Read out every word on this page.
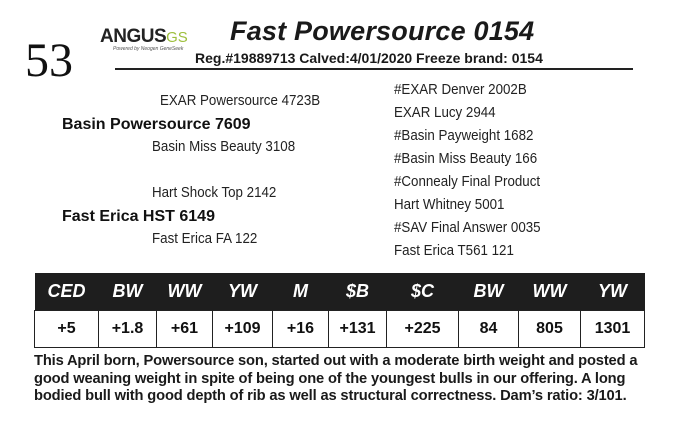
53 ANGUSGS
Powered by Neogen GeneSeek
Fast Powersource 0154
Reg.#19889713 Calved:4/01/2020 Freeze brand: 0154
EXAR Powersource 4723B
Basin Powersource 7609
Basin Miss Beauty 3108
Hart Shock Top 2142
Fast Erica HST 6149
Fast Erica FA 122
#EXAR Denver 2002B
EXAR Lucy 2944
#Basin Payweight 1682
#Basin Miss Beauty 166
#Connealy Final Product
Hart Whitney 5001
#SAV Final Answer 0035
Fast Erica T561 121
CED	BW	WW	YW	M	$B	$C	BW	WW	YW
+5	+1.8	+61	+109	+16	+131	+225	84	805	1301
This April born, Powersource son, started out with a moderate birth weight and posted a good weaning weight in spite of being one of the youngest bulls in our offering. A long bodied bull with good depth of rib as well as structural correctness. Dam’s ratio: 3/101.
